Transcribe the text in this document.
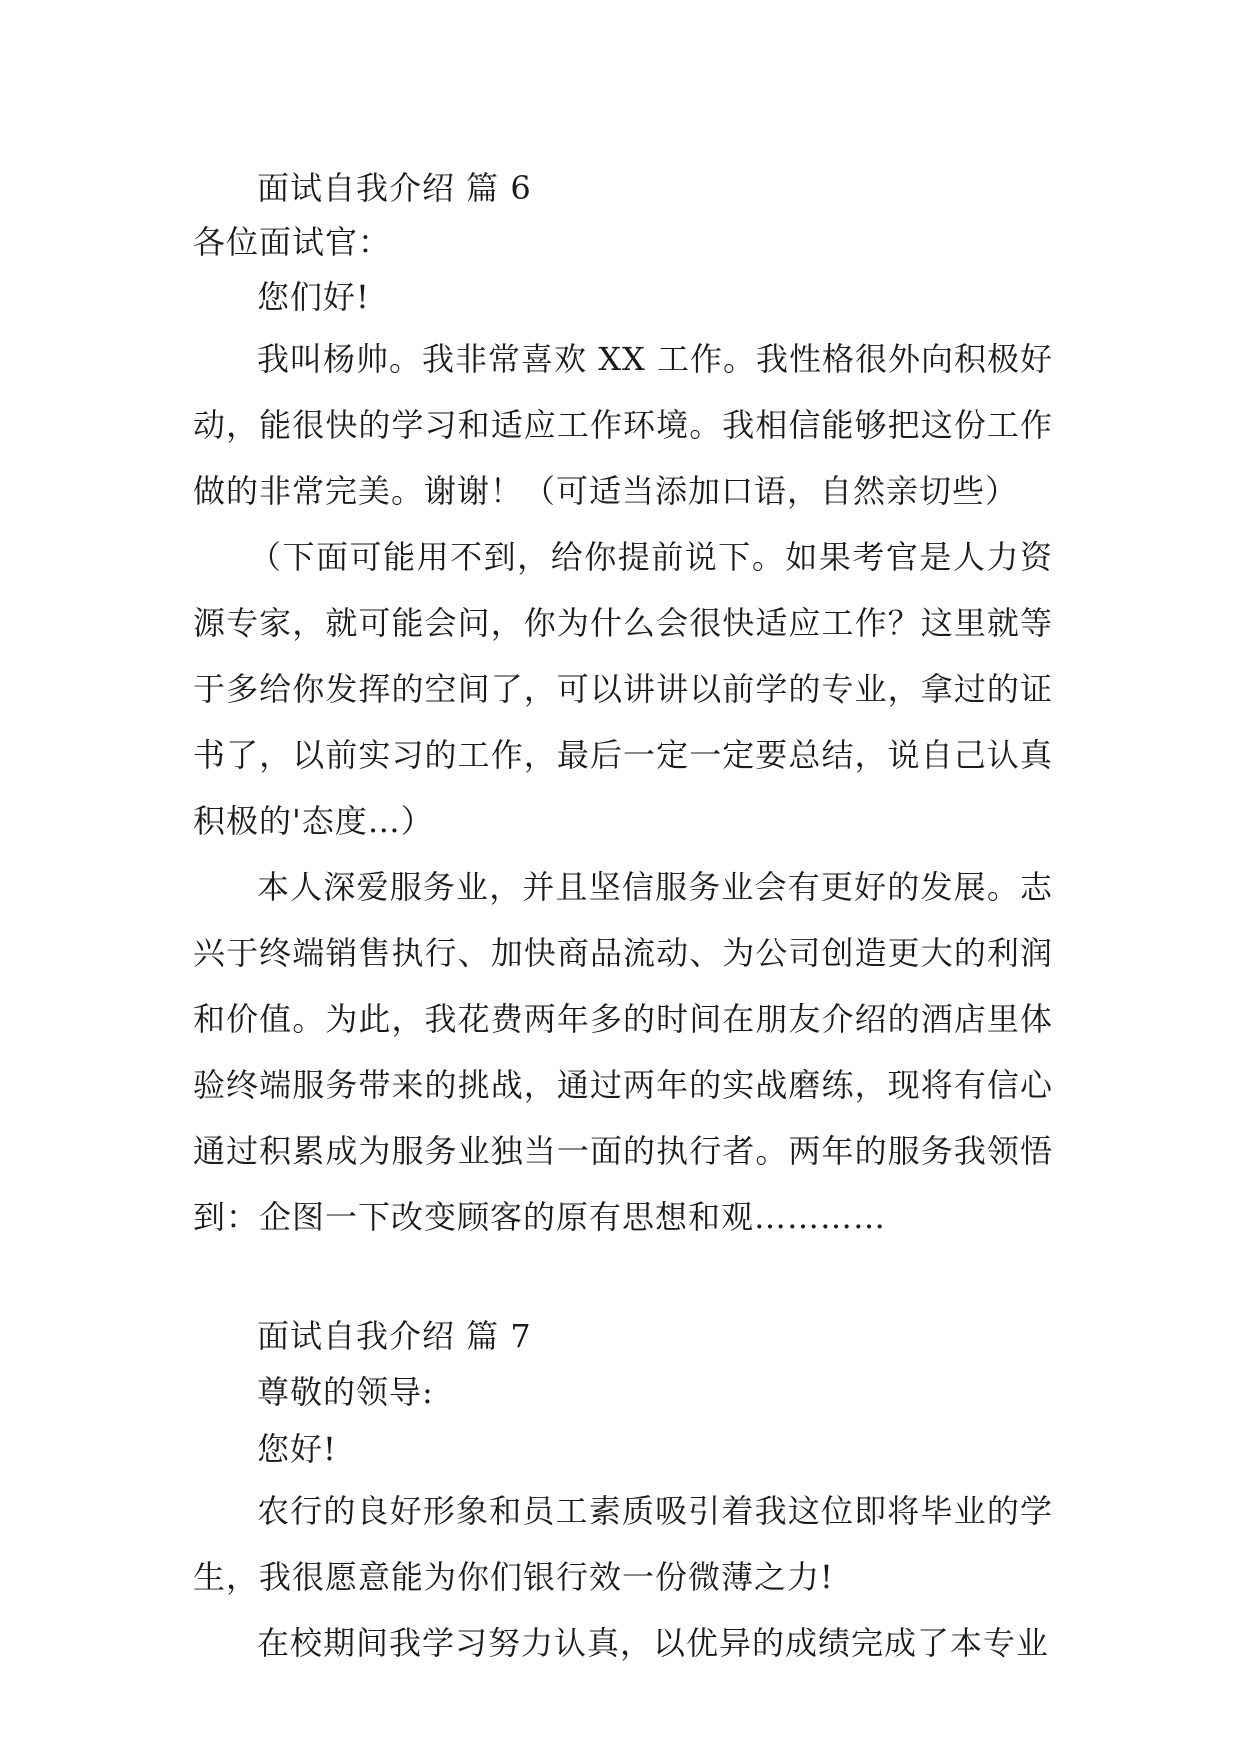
面试自我介绍 篇 6

各位面试官：

您们好!

我叫杨帅。我非常喜欢 XX 工作。我性格很外向积极好动，能很快的学习和适应工作环境。我相信能够把这份工作做的非常完美。谢谢！（可适当添加口语，自然亲切些）

（下面可能用不到，给你提前说下。如果考官是人力资源专家，就可能会问，你为什么会很快适应工作？这里就等于多给你发挥的空间了，可以讲讲以前学的专业，拿过的证书了，以前实习的工作，最后一定一定要总结，说自己认真积极的'态度…）

本人深爱服务业，并且坚信服务业会有更好的发展。志兴于终端销售执行、加快商品流动、为公司创造更大的利润和价值。为此，我花费两年多的时间在朋友介绍的酒店里体验终端服务带来的挑战，通过两年的实战磨练，现将有信心通过积累成为服务业独当一面的执行者。两年的服务我领悟到：企图一下改变顾客的原有思想和观…………

面试自我介绍 篇 7

尊敬的领导:

您好!

农行的良好形象和员工素质吸引着我这位即将毕业的学生，我很愿意能为你们银行效一份微薄之力!

在校期间我学习努力认真，以优异的成绩完成了本专业
